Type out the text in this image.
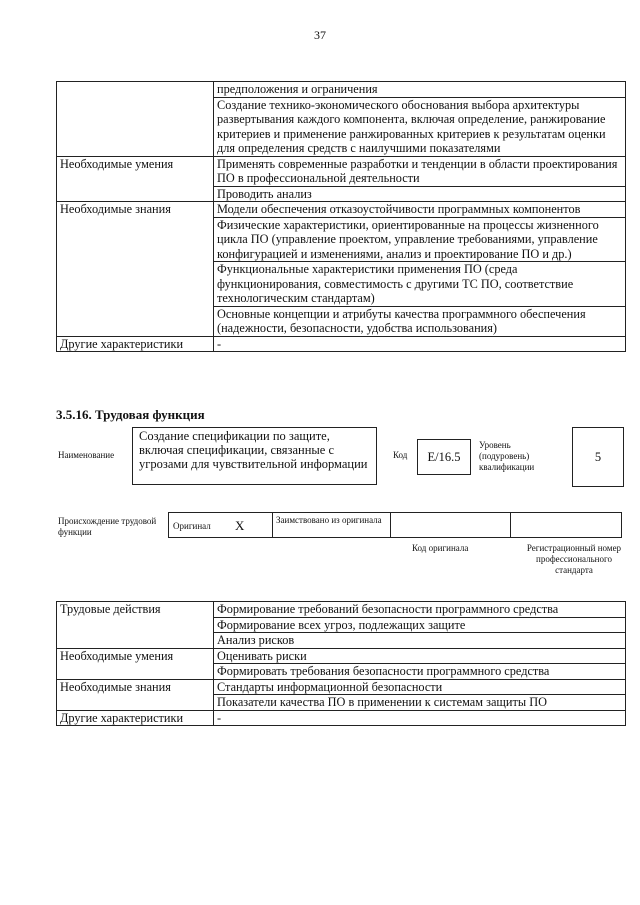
37
	предположения и ограничения
	Создание технико-экономического обоснования выбора архитектуры развертывания каждого компонента, включая определение, ранжирование критериев и применение ранжированных критериев к результатам оценки для определения средств с наилучшими показателями
Необходимые умения	Применять современные разработки и тенденции в области проектирования ПО в профессиональной деятельности
	Проводить анализ
Необходимые знания	Модели обеспечения отказоустойчивости программных компонентов
	Физические характеристики, ориентированные на процессы жизненного цикла ПО (управление проектом, управление требованиями, управление конфигурацией и изменениями, анализ и проектирование ПО и др.)
	Функциональные характеристики применения ПО (среда функционирования, совместимость с другими ТС ПО, соответствие технологическим стандартам)
	Основные концепции и атрибуты качества программного обеспечения (надежности, безопасности, удобства использования)
Другие характеристики	-
3.5.16. Трудовая функция
Наименование
Создание спецификации по защите, включая спецификации, связанные с угрозами для чувствительной информации
Код	E/16.5
Уровень (подуровень) квалификации
5
Происхождение трудовой функции
Оригинал X	Заимствовано из оригинала
Код оригинала	Регистрационный номер профессионального стандарта
Трудовые действия	Формирование требований безопасности программного средства
	Формирование всех угроз, подлежащих защите
	Анализ рисков
Необходимые умения	Оценивать риски
	Формировать требования безопасности программного средства
Необходимые знания	Стандарты информационной безопасности
	Показатели качества ПО в применении к системам защиты ПО
Другие характеристики	-
